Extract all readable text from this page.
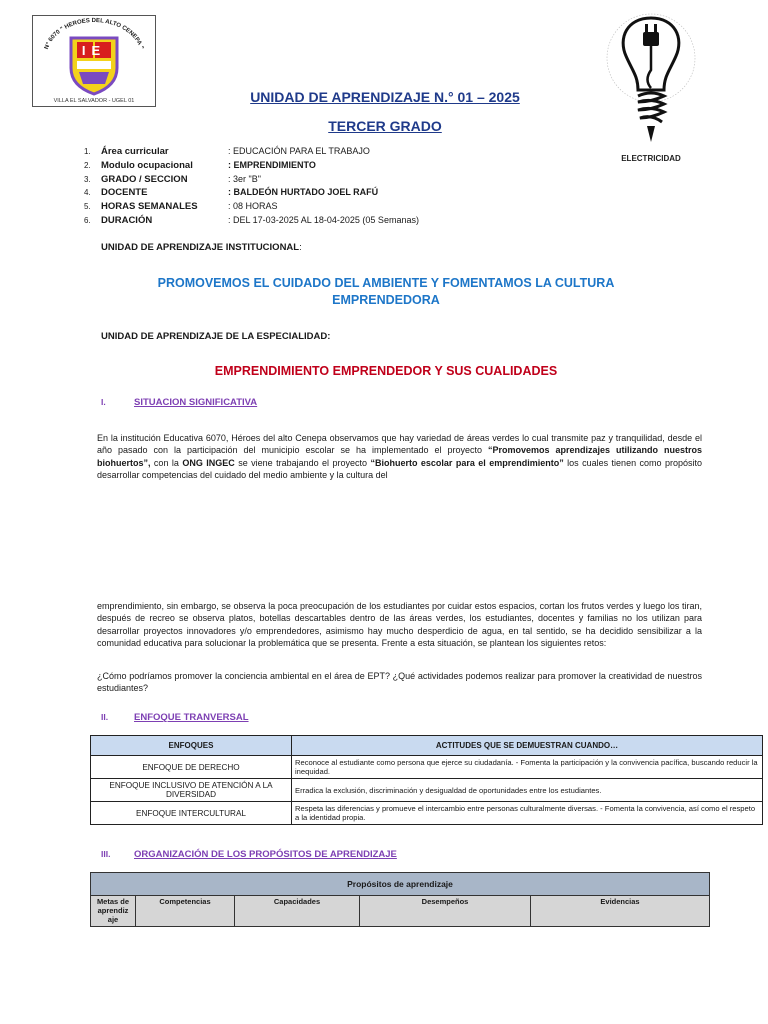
N° 6070 " HEROES DEL ALTO CENEPA "
IE
VILLA EL SALVADOR - UGEL 01
ELECTRICIDAD
UNIDAD DE APRENDIZAJE N.° 01 – 2025
TERCER GRADO
1.	Área curricular	: EDUCACIÓN PARA EL TRABAJO
2.	Modulo ocupacional	: EMPRENDIMIENTO
3.	GRADO / SECCION	: 3er "B"
4.	DOCENTE	: BALDEÓN HURTADO JOEL RAFÚ
5.	HORAS SEMANALES	: 08 HORAS
6.	DURACIÓN	: DEL 17-03-2025 AL 18-04-2025 (05 Semanas)
UNIDAD DE APRENDIZAJE INSTITUCIONAL:
PROMOVEMOS EL CUIDADO DEL AMBIENTE Y FOMENTAMOS LA CULTURA EMPRENDEDORA
UNIDAD DE APRENDIZAJE DE LA ESPECIALIDAD:
EMPRENDIMIENTO EMPRENDEDOR Y SUS CUALIDADES
I.	SITUACION SIGNIFICATIVA
En la institución Educativa 6070, Héroes del alto Cenepa observamos que hay variedad de áreas verdes lo cual transmite paz y tranquilidad, desde el año pasado con la participación del municipio escolar se ha implementado el proyecto “Promovemos aprendizajes utilizando nuestros biohuertos”, con la ONG INGEC se viene trabajando el proyecto “Biohuerto escolar para el emprendimiento” los cuales tienen como propósito desarrollar competencias del cuidado del medio ambiente y la cultura del
emprendimiento, sin embargo, se observa la poca preocupación de los estudiantes por cuidar estos espacios, cortan los frutos verdes y luego los tiran, después de recreo se observa platos, botellas descartables dentro de las áreas verdes, los estudiantes, docentes y familias no los utilizan para desarrollar proyectos innovadores y/o emprendedores, asimismo hay mucho desperdicio de agua, en tal sentido, se ha decidido sensibilizar a la comunidad educativa para solucionar la problemática que se presenta. Frente a esta situación, se plantean los siguientes retos:
¿Cómo podríamos promover la conciencia ambiental en el área de EPT? ¿Qué actividades podemos realizar para promover la creatividad de nuestros estudiantes?
II.	ENFOQUE TRANVERSAL
ENFOQUES	ACTITUDES QUE SE DEMUESTRAN CUANDO…
ENFOQUE DE DERECHO	Reconoce al estudiante como persona que ejerce su ciudadanía. - Fomenta la participación y la convivencia pacífica, buscando reducir la inequidad.
ENFOQUE INCLUSIVO DE ATENCIÓN A LA DIVERSIDAD	Erradica la exclusión, discriminación y desigualdad de oportunidades entre los estudiantes.
ENFOQUE INTERCULTURAL	Respeta las diferencias y promueve el intercambio entre personas culturalmente diversas. - Fomenta la convivencia, así como el respeto a la identidad propia.
III. ORGANIZACIÓN DE LOS PROPÓSITOS DE APRENDIZAJE
Propósitos de aprendizaje
Metas de aprendiz aje	Competencias	Capacidades	Desempeños	Evidencias
